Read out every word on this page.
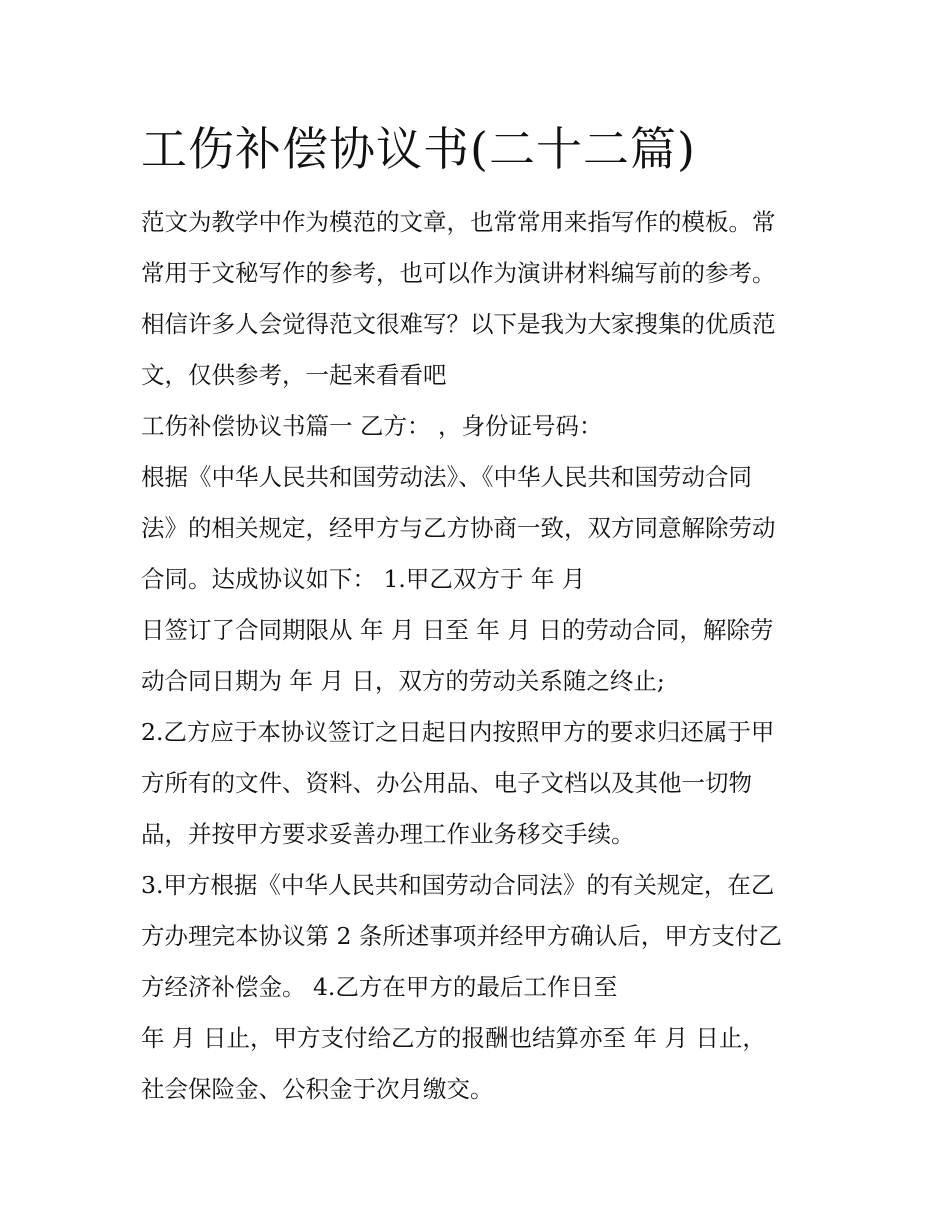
工伤补偿协议书(二十二篇)
范文为教学中作为模范的文章，也常常用来指写作的模板。常
常用于文秘写作的参考，也可以作为演讲材料编写前的参考。
相信许多人会觉得范文很难写？以下是我为大家搜集的优质范
文，仅供参考，一起来看看吧
工伤补偿协议书篇一 乙方： ，身份证号码：
根据《中华人民共和国劳动法》、《中华人民共和国劳动合同
法》的相关规定，经甲方与乙方协商一致，双方同意解除劳动
合同。达成协议如下： 1.甲乙双方于 年 月
日签订了合同期限从 年 月 日至 年 月 日的劳动合同，解除劳
动合同日期为 年 月 日，双方的劳动关系随之终止;
2.乙方应于本协议签订之日起日内按照甲方的要求归还属于甲
方所有的文件、资料、办公用品、电子文档以及其他一切物
品，并按甲方要求妥善办理工作业务移交手续。
3.甲方根据《中华人民共和国劳动合同法》的有关规定，在乙
方办理完本协议第 2 条所述事项并经甲方确认后，甲方支付乙
方经济补偿金。 4.乙方在甲方的最后工作日至
年 月 日止，甲方支付给乙方的报酬也结算亦至 年 月 日止，
社会保险金、公积金于次月缴交。
